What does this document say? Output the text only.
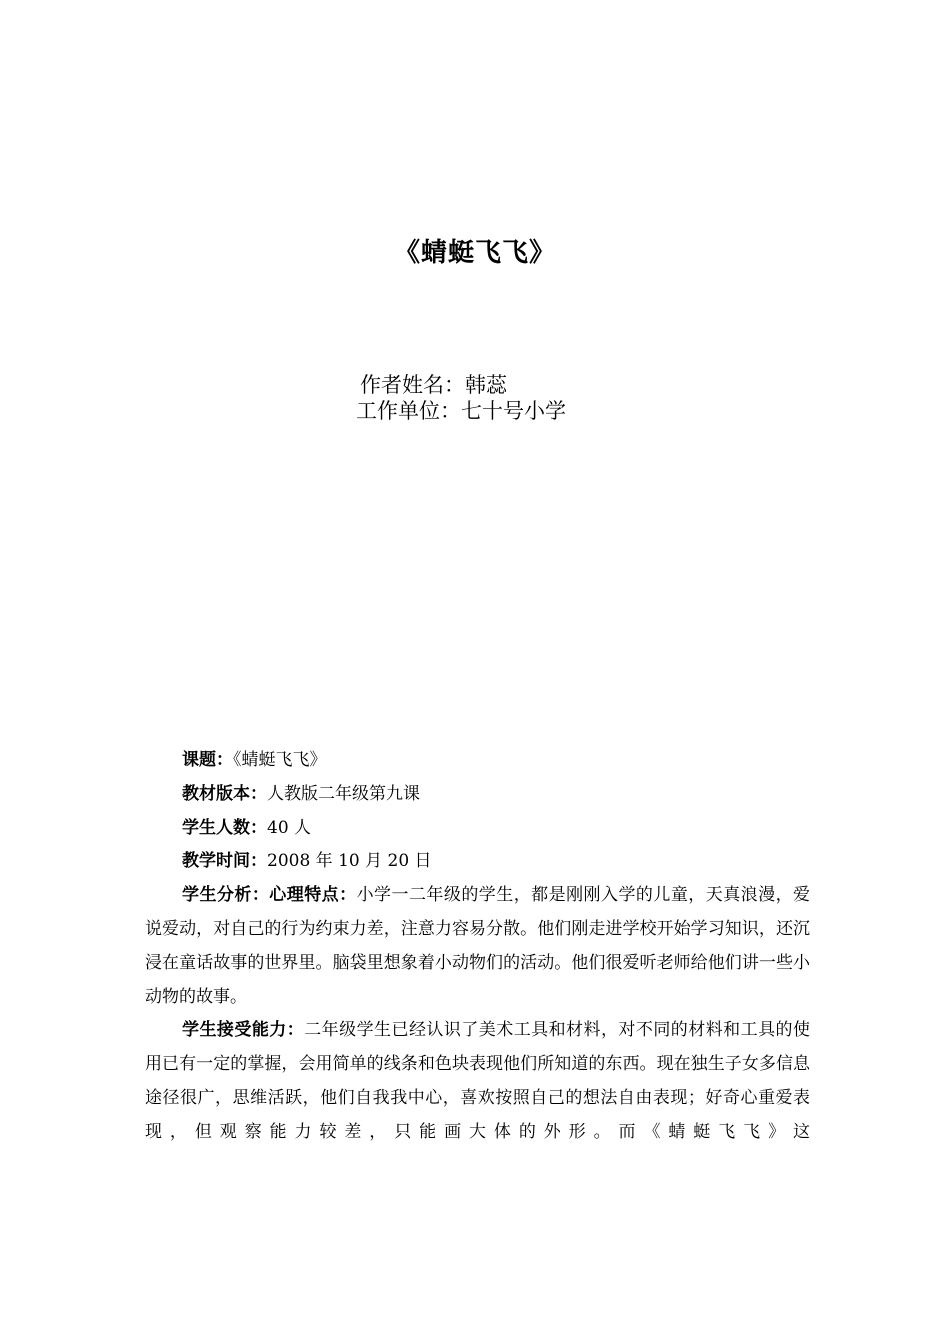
《蜻蜓飞飞》
作者姓名：韩蕊
工作单位：七十号小学

课题：《蜻蜓飞飞》

教材版本：人教版二年级第九课

学生人数：40 人

教学时间：2008 年 10 月 20 日

学生分析：心理特点：小学一二年级的学生，都是刚刚入学的儿童，天真浪漫，爱说爱动，对自己的行为约束力差，注意力容易分散。他们刚走进学校开始学习知识，还沉浸在童话故事的世界里。脑袋里想象着小动物们的活动。他们很爱听老师给他们讲一些小动物的故事。

学生接受能力：二年级学生已经认识了美术工具和材料，对不同的材料和工具的使用已有一定的掌握，会用简单的线条和色块表现他们所知道的东西。现在独生子女多信息途径很广，思维活跃，他们自我我中心，喜欢按照自己的想法自由表现；好奇心重爱表现，但观察能力较差，只能画大体的外形。而《蜻蜓飞飞》这
